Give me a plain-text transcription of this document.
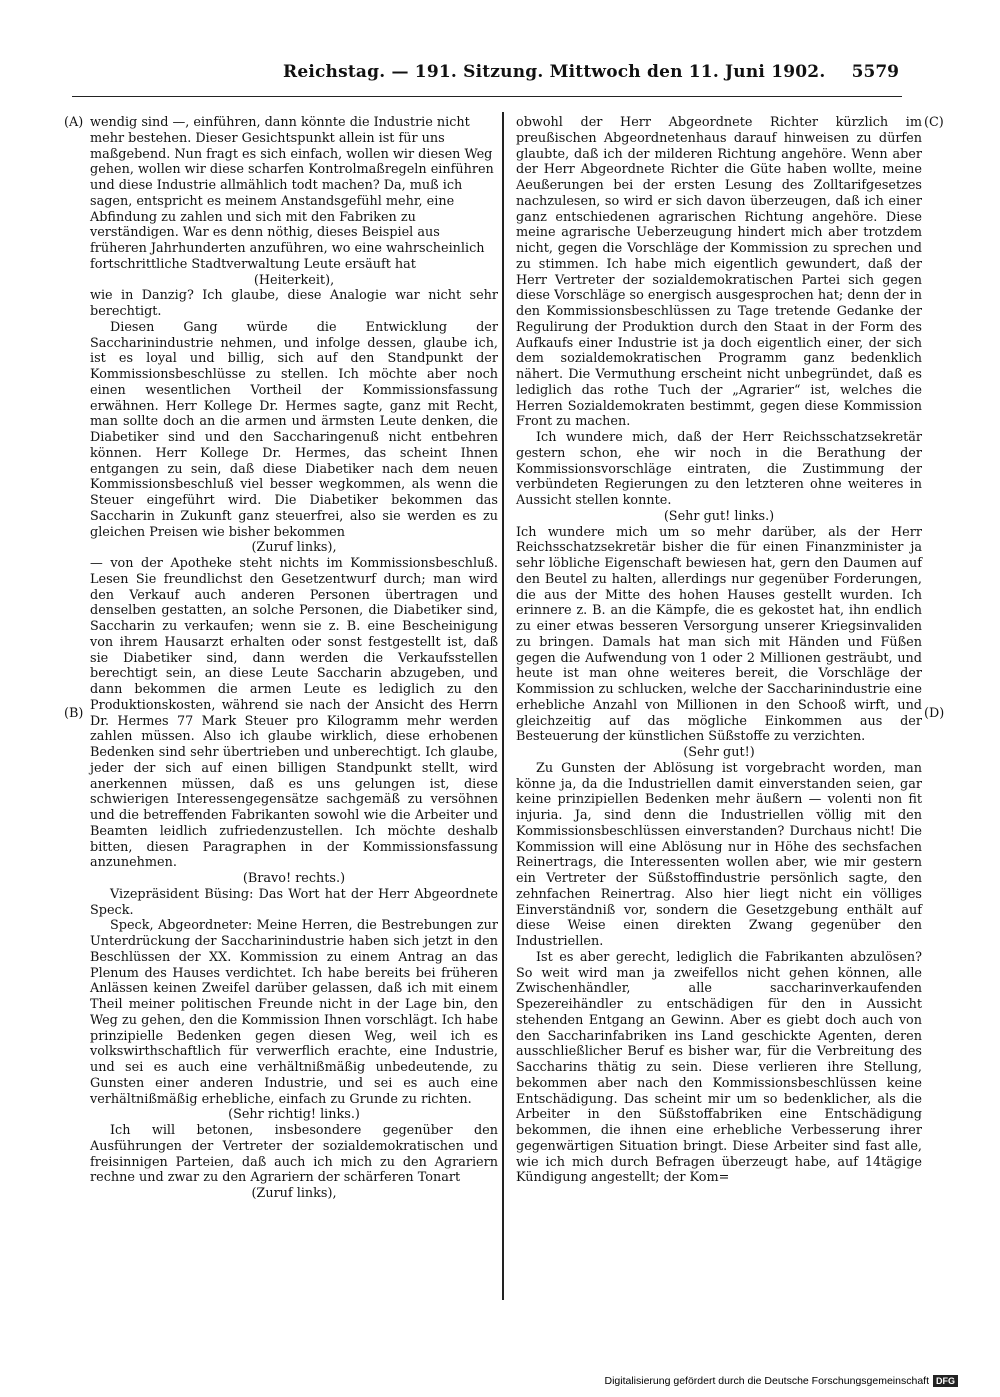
Reichstag. — 191. Sitzung. Mittwoch den 11. Juni 1902. 5579
(A)
(B)
(C)
(D)

wendig sind —, einführen, dann könnte die Industrie nicht mehr bestehen. Dieser Gesichtspunkt allein ist für uns maßgebend. Nun fragt es sich einfach, wollen wir diesen Weg gehen, wollen wir diese scharfen Kontrolmaßregeln einführen und diese Industrie allmählich todt machen? Da, muß ich sagen, entspricht es meinem Anstandsgefühl mehr, eine Abfindung zu zahlen und sich mit den Fabriken zu verständigen. War es denn nöthig, dieses Beispiel aus früheren Jahrhunderten anzuführen, wo eine wahrscheinlich fortschrittliche Stadtverwaltung Leute ersäuft hat

(Heiterkeit),

wie in Danzig? Ich glaube, diese Analogie war nicht sehr berechtigt.

Diesen Gang würde die Entwicklung der Saccharinindustrie nehmen, und infolge dessen, glaube ich, ist es loyal und billig, sich auf den Standpunkt der Kommissionsbeschlüsse zu stellen. Ich möchte aber noch einen wesentlichen Vortheil der Kommissionsfassung erwähnen. Herr Kollege Dr. Hermes sagte, ganz mit Recht, man sollte doch an die armen und ärmsten Leute denken, die Diabetiker sind und den Saccharingenuß nicht entbehren können. Herr Kollege Dr. Hermes, das scheint Ihnen entgangen zu sein, daß diese Diabetiker nach dem neuen Kommissionsbeschluß viel besser wegkommen, als wenn die Steuer eingeführt wird. Die Diabetiker bekommen das Saccharin in Zukunft ganz steuerfrei, also sie werden es zu gleichen Preisen wie bisher bekommen

(Zuruf links),

— von der Apotheke steht nichts im Kommissionsbeschluß. Lesen Sie freundlichst den Gesetzentwurf durch; man wird den Verkauf auch anderen Personen übertragen und denselben gestatten, an solche Personen, die Diabetiker sind, Saccharin zu verkaufen; wenn sie z. B. eine Bescheinigung von ihrem Hausarzt erhalten oder sonst festgestellt ist, daß sie Diabetiker sind, dann werden die Verkaufsstellen berechtigt sein, an diese Leute Saccharin abzugeben, und dann bekommen die armen Leute es lediglich zu den Produktionskosten, während sie nach der Ansicht des Herrn Dr. Hermes 77 Mark Steuer pro Kilogramm mehr werden zahlen müssen. Also ich glaube wirklich, diese erhobenen Bedenken sind sehr übertrieben und unberechtigt. Ich glaube, jeder der sich auf einen billigen Standpunkt stellt, wird anerkennen müssen, daß es uns gelungen ist, diese schwierigen Interessengegensätze sachgemäß zu versöhnen und die betreffenden Fabrikanten sowohl wie die Arbeiter und Beamten leidlich zufriedenzustellen. Ich möchte deshalb bitten, diesen Paragraphen in der Kommissionsfassung anzunehmen.

(Bravo! rechts.)

Vizepräsident Büsing: Das Wort hat der Herr Abgeordnete Speck.

Speck, Abgeordneter: Meine Herren, die Bestrebungen zur Unterdrückung der Saccharinindustrie haben sich jetzt in den Beschlüssen der XX. Kommission zu einem Antrag an das Plenum des Hauses verdichtet. Ich habe bereits bei früheren Anlässen keinen Zweifel darüber gelassen, daß ich mit einem Theil meiner politischen Freunde nicht in der Lage bin, den Weg zu gehen, den die Kommission Ihnen vorschlägt. Ich habe prinzipielle Bedenken gegen diesen Weg, weil ich es volkswirthschaftlich für verwerflich erachte, eine Industrie, und sei es auch eine verhältnißmäßig unbedeutende, zu Gunsten einer anderen Industrie, und sei es auch eine verhältnißmäßig erhebliche, einfach zu Grunde zu richten.

(Sehr richtig! links.)

Ich will betonen, insbesondere gegenüber den Ausführungen der Vertreter der sozialdemokratischen und freisinnigen Parteien, daß auch ich mich zu den Agrariern rechne und zwar zu den Agrariern der schärferen Tonart

(Zuruf links),

obwohl der Herr Abgeordnete Richter kürzlich im preußischen Abgeordnetenhaus darauf hinweisen zu dürfen glaubte, daß ich der milderen Richtung angehöre. Wenn aber der Herr Abgeordnete Richter die Güte haben wollte, meine Aeußerungen bei der ersten Lesung des Zolltarifgesetzes nachzulesen, so wird er sich davon überzeugen, daß ich einer ganz entschiedenen agrarischen Richtung angehöre. Diese meine agrarische Ueberzeugung hindert mich aber trotzdem nicht, gegen die Vorschläge der Kommission zu sprechen und zu stimmen. Ich habe mich eigentlich gewundert, daß der Herr Vertreter der sozialdemokratischen Partei sich gegen diese Vorschläge so energisch ausgesprochen hat; denn der in den Kommissionsbeschlüssen zu Tage tretende Gedanke der Regulirung der Produktion durch den Staat in der Form des Aufkaufs einer Industrie ist ja doch eigentlich einer, der sich dem sozialdemokratischen Programm ganz bedenklich nähert. Die Vermuthung erscheint nicht unbegründet, daß es lediglich das rothe Tuch der „Agrarier“ ist, welches die Herren Sozialdemokraten bestimmt, gegen diese Kommission Front zu machen.

Ich wundere mich, daß der Herr Reichsschatzsekretär gestern schon, ehe wir noch in die Berathung der Kommissionsvorschläge eintraten, die Zustimmung der verbündeten Regierungen zu den letzteren ohne weiteres in Aussicht stellen konnte.

(Sehr gut! links.)

Ich wundere mich um so mehr darüber, als der Herr Reichsschatzsekretär bisher die für einen Finanzminister ja sehr löbliche Eigenschaft bewiesen hat, gern den Daumen auf den Beutel zu halten, allerdings nur gegenüber Forderungen, die aus der Mitte des hohen Hauses gestellt wurden. Ich erinnere z. B. an die Kämpfe, die es gekostet hat, ihn endlich zu einer etwas besseren Versorgung unserer Kriegsinvaliden zu bringen. Damals hat man sich mit Händen und Füßen gegen die Aufwendung von 1 oder 2 Millionen gesträubt, und heute ist man ohne weiteres bereit, die Vorschläge der Kommission zu schlucken, welche der Saccharinindustrie eine erhebliche Anzahl von Millionen in den Schooß wirft, und gleichzeitig auf das mögliche Einkommen aus der Besteuerung der künstlichen Süßstoffe zu verzichten.

(Sehr gut!)

Zu Gunsten der Ablösung ist vorgebracht worden, man könne ja, da die Industriellen damit einverstanden seien, gar keine prinzipiellen Bedenken mehr äußern — volenti non fit injuria. Ja, sind denn die Industriellen völlig mit den Kommissionsbeschlüssen einverstanden? Durchaus nicht! Die Kommission will eine Ablösung nur in Höhe des sechsfachen Reinertrags, die Interessenten wollen aber, wie mir gestern ein Vertreter der Süßstoffindustrie persönlich sagte, den zehnfachen Reinertrag. Also hier liegt nicht ein völliges Einverständniß vor, sondern die Gesetzgebung enthält auf diese Weise einen direkten Zwang gegenüber den Industriellen.

Ist es aber gerecht, lediglich die Fabrikanten abzulösen? So weit wird man ja zweifellos nicht gehen können, alle Zwischenhändler, alle saccharinverkaufenden Spezereihändler zu entschädigen für den in Aussicht stehenden Entgang an Gewinn. Aber es giebt doch auch von den Saccharinfabriken ins Land geschickte Agenten, deren ausschließlicher Beruf es bisher war, für die Verbreitung des Saccharins thätig zu sein. Diese verlieren ihre Stellung, bekommen aber nach den Kommissionsbeschlüssen keine Entschädigung. Das scheint mir um so bedenklicher, als die Arbeiter in den Süßstoffabriken eine Entschädigung bekommen, die ihnen eine erhebliche Verbesserung ihrer gegenwärtigen Situation bringt. Diese Arbeiter sind fast alle, wie ich mich durch Befragen überzeugt habe, auf 14tägige Kündigung angestellt; der Kom=

Digitalisierung gefördert durch die Deutsche Forschungsgemeinschaft DFG
